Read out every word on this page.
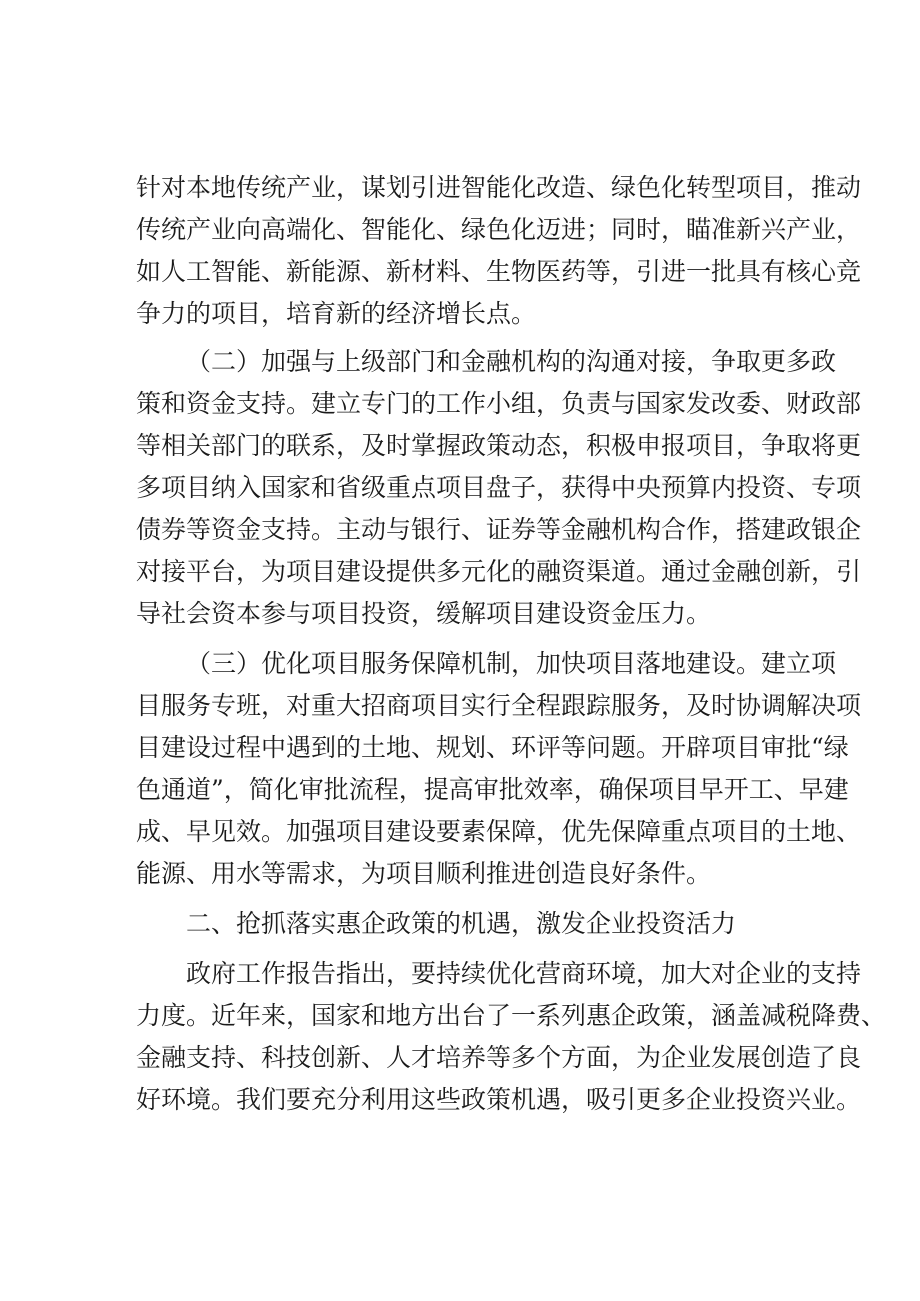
针对本地传统产业，谋划引进智能化改造、绿色化转型项目，推动

传统产业向高端化、智能化、绿色化迈进；同时，瞄准新兴产业，

如人工智能、新能源、新材料、生物医药等，引进一批具有核心竞

争力的项目，培育新的经济增长点。

（二）加强与上级部门和金融机构的沟通对接，争取更多政

策和资金支持。建立专门的工作小组，负责与国家发改委、财政部

等相关部门的联系，及时掌握政策动态，积极申报项目，争取将更

多项目纳入国家和省级重点项目盘子，获得中央预算内投资、专项

债券等资金支持。主动与银行、证券等金融机构合作，搭建政银企

对接平台，为项目建设提供多元化的融资渠道。通过金融创新，引

导社会资本参与项目投资，缓解项目建设资金压力。

（三）优化项目服务保障机制，加快项目落地建设。建立项

目服务专班，对重大招商项目实行全程跟踪服务，及时协调解决项

目建设过程中遇到的土地、规划、环评等问题。开辟项目审批“绿

色通道”，简化审批流程，提高审批效率，确保项目早开工、早建

成、早见效。加强项目建设要素保障，优先保障重点项目的土地、

能源、用水等需求，为项目顺利推进创造良好条件。

二、抢抓落实惠企政策的机遇，激发企业投资活力

政府工作报告指出，要持续优化营商环境，加大对企业的支持

力度。近年来，国家和地方出台了一系列惠企政策，涵盖减税降费、

金融支持、科技创新、人才培养等多个方面，为企业发展创造了良

好环境。我们要充分利用这些政策机遇，吸引更多企业投资兴业。
